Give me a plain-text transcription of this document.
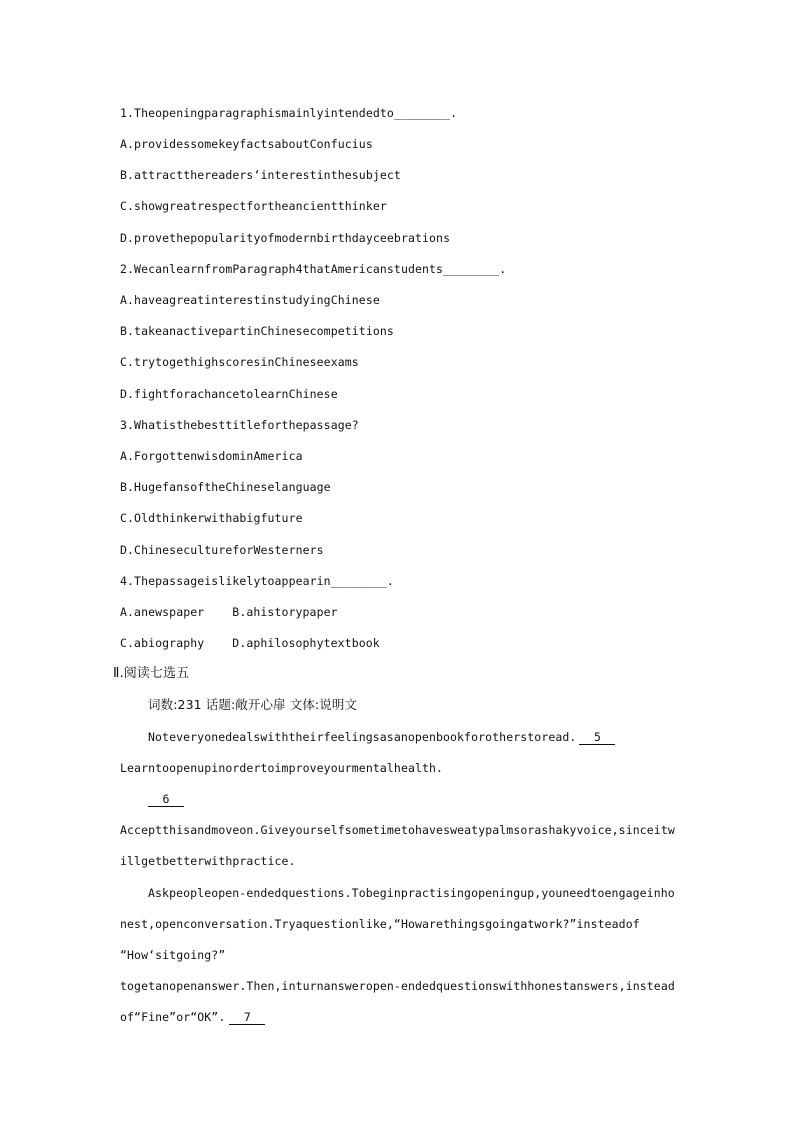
1.Theopeningparagraphismainlyintendedto________.
A.providessomekeyfactsaboutConfucius
B.attractthereaders‘interestinthesubject
C.showgreatrespectfortheancientthinker
D.provethepopularityofmodernbirthdayceebrations
2.WecanlearnfromParagraph4thatAmericanstudents________.
A.haveagreatinterestinstudyingChinese
B.takeanactivepartinChinesecompetitions
C.trytogethighscoresinChineseexams
D.fightforachancetolearnChinese
3.Whatisthebesttitleforthepassage?
A.ForgottenwisdominAmerica
B.HugefansoftheChineselanguage
C.Oldthinkerwithabigfuture
D.ChinesecultureforWesterners
4.Thepassageislikelytoappearin________.
A.anewspaper B.ahistorypaper
C.abiography D.aphilosophytextbook
Ⅱ.阅读七选五
词数:231 话题:敞开心扉 文体:说明文
Noteveryonedealswiththeirfeelingsasanopenbookforotherstoread. 5
Learntoopenupinordertoimproveyourmentalhealth.
6
Acceptthisandmoveon.Giveyourselfsometimetohavesweatypalmsorashakyvoice,sinceitw
illgetbetterwithpractice.
Askpeopleopen-endedquestions.Tobeginpractisingopeningup,youneedtoengageinho
nest,openconversation.Tryaquestionlike,“Howarethingsgoingatwork?”insteadof
“How‘sitgoing?”
togetanopenanswer.Then,inturnansweropen-endedquestionswithhonestanswers,instead
of“Fine”or“OK”. 7
